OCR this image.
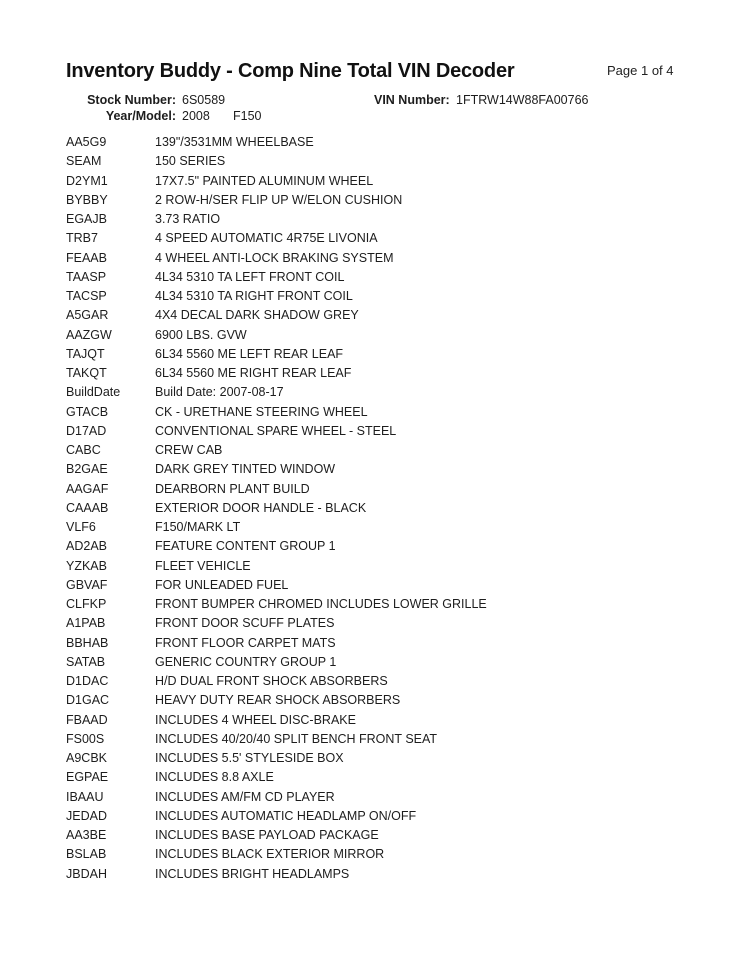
Inventory Buddy - Comp Nine Total VIN Decoder	Page 1 of 4
Stock Number: 6S0589	VIN Number: 1FTRW14W88FA00766
Year/Model: 2008 F150
AA5G9	139"/3531MM WHEELBASE
SEAM	150 SERIES
D2YM1	17X7.5" PAINTED ALUMINUM WHEEL
BYBBY	2 ROW-H/SER FLIP UP W/ELON CUSHION
EGAJB	3.73 RATIO
TRB7	4 SPEED AUTOMATIC 4R75E LIVONIA
FEAAB	4 WHEEL ANTI-LOCK BRAKING SYSTEM
TAASP	4L34 5310 TA LEFT FRONT COIL
TACSP	4L34 5310 TA RIGHT FRONT COIL
A5GAR	4X4 DECAL DARK SHADOW GREY
AAZGW	6900 LBS. GVW
TAJQT	6L34 5560 ME LEFT REAR LEAF
TAKQT	6L34 5560 ME RIGHT REAR LEAF
BuildDate	Build Date: 2007-08-17
GTACB	CK - URETHANE STEERING WHEEL
D17AD	CONVENTIONAL SPARE WHEEL - STEEL
CABC	CREW CAB
B2GAE	DARK GREY TINTED WINDOW
AAGAF	DEARBORN PLANT BUILD
CAAAB	EXTERIOR DOOR HANDLE - BLACK
VLF6	F150/MARK LT
AD2AB	FEATURE CONTENT GROUP 1
YZKAB	FLEET VEHICLE
GBVAF	FOR UNLEADED FUEL
CLFKP	FRONT BUMPER CHROMED INCLUDES LOWER GRILLE
A1PAB	FRONT DOOR SCUFF PLATES
BBHAB	FRONT FLOOR CARPET MATS
SATAB	GENERIC COUNTRY GROUP 1
D1DAC	H/D DUAL FRONT SHOCK ABSORBERS
D1GAC	HEAVY DUTY REAR SHOCK ABSORBERS
FBAAD	INCLUDES 4 WHEEL DISC-BRAKE
FS00S	INCLUDES 40/20/40 SPLIT BENCH FRONT SEAT
A9CBK	INCLUDES 5.5' STYLESIDE BOX
EGPAE	INCLUDES 8.8 AXLE
IBAAU	INCLUDES AM/FM CD PLAYER
JEDAD	INCLUDES AUTOMATIC HEADLAMP ON/OFF
AA3BE	INCLUDES BASE PAYLOAD PACKAGE
BSLAB	INCLUDES BLACK EXTERIOR MIRROR
JBDAH	INCLUDES BRIGHT HEADLAMPS
